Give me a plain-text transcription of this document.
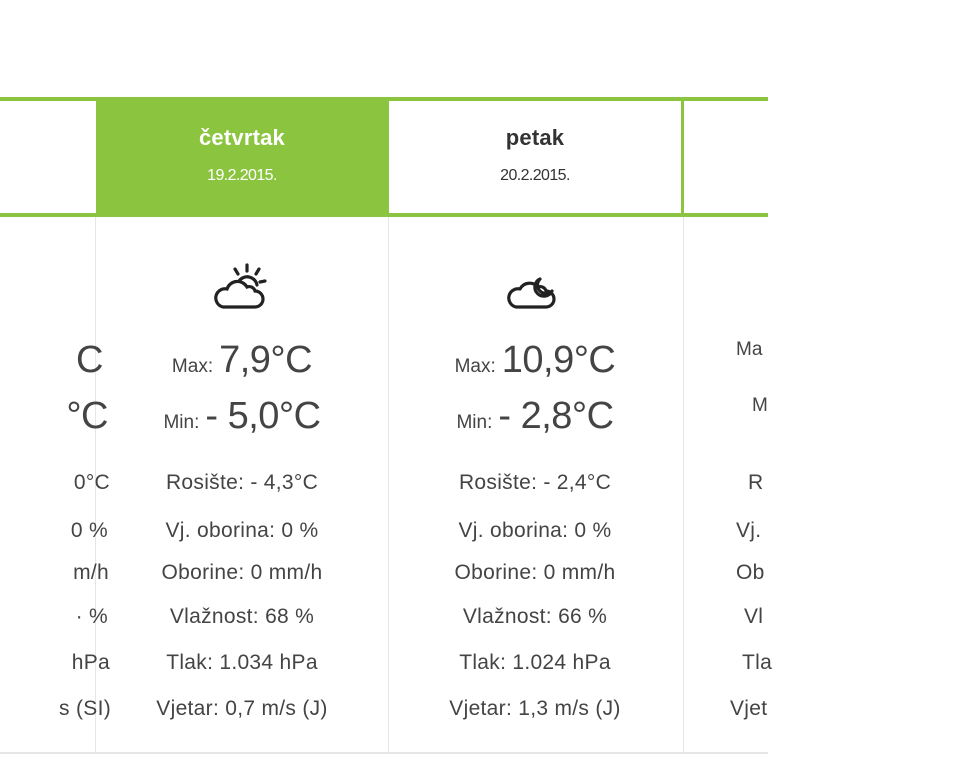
C
°C
0°C
0 %
m/h
· %
hPa
s (SI)
četvrtak
19.2.2015.
Max: 7,9°C
Min: - 5,0°C
Rosište: - 4,3°C
Vj. oborina: 0 %
Oborine: 0 mm/h
Vlažnost: 68 %
Tlak: 1.034 hPa
Vjetar: 0,7 m/s (J)
petak
20.2.2015.
Max: 10,9°C
Min: - 2,8°C
Rosište: - 2,4°C
Vj. oborina: 0 %
Oborine: 0 mm/h
Vlažnost: 66 %
Tlak: 1.024 hPa
Vjetar: 1,3 m/s (J)
Ma
M
R
Vj.
Ob
Vl
Tla
Vjet
